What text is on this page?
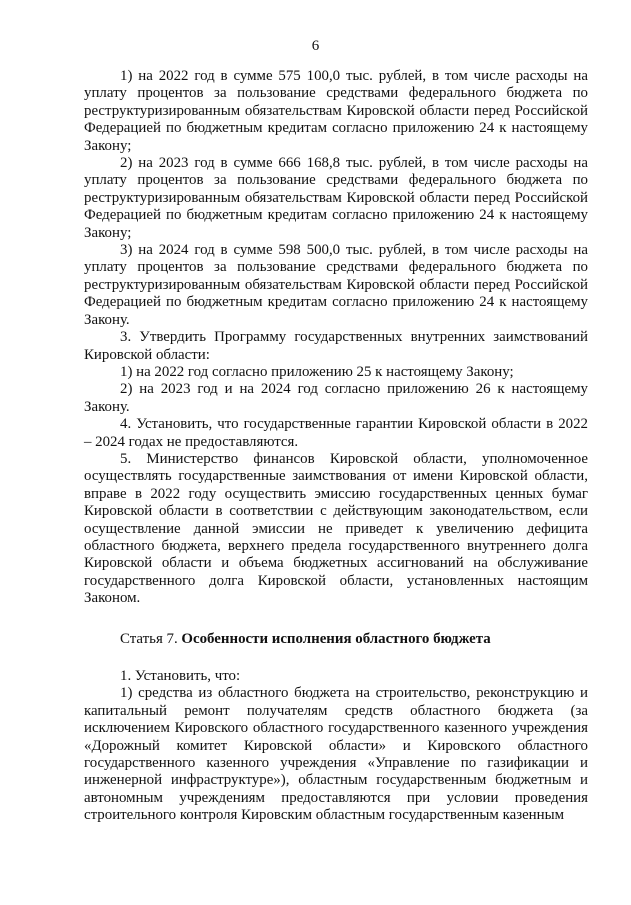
6

1) на 2022 год в сумме 575 100,0 тыс. рублей, в том числе расходы на уплату процентов за пользование средствами федерального бюджета по реструктуризированным обязательствам Кировской области перед Российской Федерацией по бюджетным кредитам согласно приложению 24 к настоящему Закону;

2) на 2023 год в сумме 666 168,8 тыс. рублей, в том числе расходы на уплату процентов за пользование средствами федерального бюджета по реструктуризированным обязательствам Кировской области перед Российской Федерацией по бюджетным кредитам согласно приложению 24 к настоящему Закону;

3) на 2024 год в сумме 598 500,0 тыс. рублей, в том числе расходы на уплату процентов за пользование средствами федерального бюджета по реструктуризированным обязательствам Кировской области перед Российской Федерацией по бюджетным кредитам согласно приложению 24 к настоящему Закону.

3. Утвердить Программу государственных внутренних заимствований Кировской области:

1) на 2022 год согласно приложению 25 к настоящему Закону;

2) на 2023 год и на 2024 год согласно приложению 26 к настоящему Закону.

4. Установить, что государственные гарантии Кировской области в 2022 – 2024 годах не предоставляются.

5. Министерство финансов Кировской области, уполномоченное осуществлять государственные заимствования от имени Кировской области, вправе в 2022 году осуществить эмиссию государственных ценных бумаг Кировской области в соответствии с действующим законодательством, если осуществление данной эмиссии не приведет к увеличению дефицита областного бюджета, верхнего предела государственного внутреннего долга Кировской области и объема бюджетных ассигнований на обслуживание государственного долга Кировской области, установленных настоящим Законом.

Статья 7. Особенности исполнения областного бюджета

1. Установить, что:

1) средства из областного бюджета на строительство, реконструкцию и капитальный ремонт получателям средств областного бюджета (за исключением Кировского областного государственного казенного учреждения «Дорожный комитет Кировской области» и Кировского областного государственного казенного учреждения «Управление по газификации и инженерной инфраструктуре»), областным государственным бюджетным и автономным учреждениям предоставляются при условии проведения строительного контроля Кировским областным государственным казенным
